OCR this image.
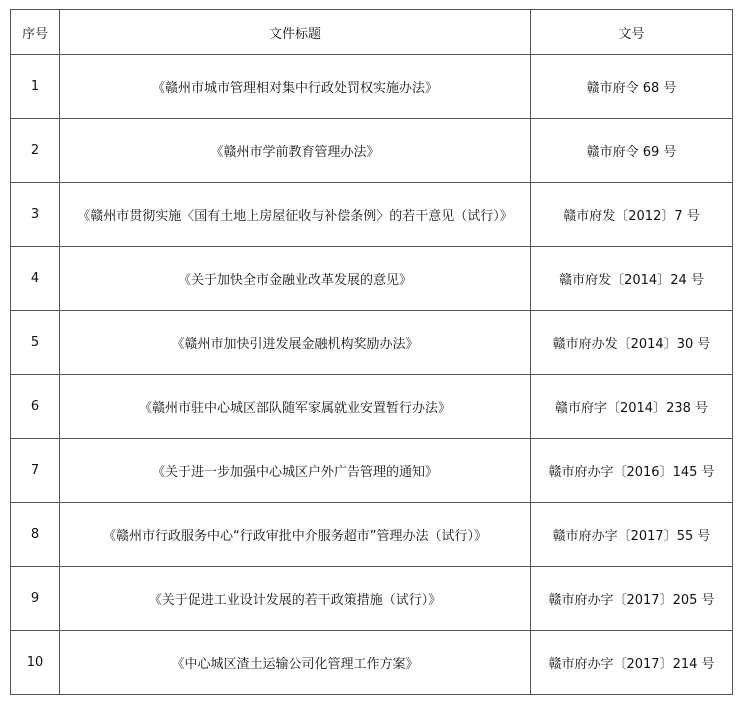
序号	文件标题	文号
1	《赣州市城市管理相对集中行政处罚权实施办法》	赣市府令 68 号
2	《赣州市学前教育管理办法》	赣市府令 69 号
3	《赣州市贯彻实施〈国有土地上房屋征收与补偿条例〉的若干意见（试行）》	赣市府发〔2012〕7 号
4	《关于加快全市金融业改革发展的意见》	赣市府发〔2014〕24 号
5	《赣州市加快引进发展金融机构奖励办法》	赣市府办发〔2014〕30 号
6	《赣州市驻中心城区部队随军家属就业安置暂行办法》	赣市府字〔2014〕238 号
7	《关于进一步加强中心城区户外广告管理的通知》	赣市府办字〔2016〕145 号
8	《赣州市行政服务中心“行政审批中介服务超市”管理办法（试行）》	赣市府办字〔2017〕55 号
9	《关于促进工业设计发展的若干政策措施（试行）》	赣市府办字〔2017〕205 号
10	《中心城区渣土运输公司化管理工作方案》	赣市府办字〔2017〕214 号
